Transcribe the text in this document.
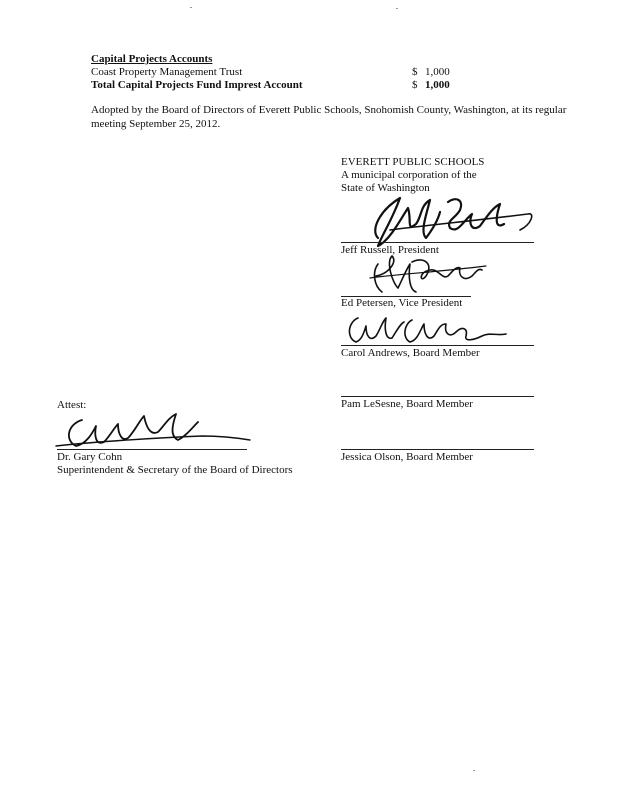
Capital Projects Accounts
Coast Property Management Trust	$ 1,000
Total Capital Projects Fund Imprest Account	$ 1,000
Adopted by the Board of Directors of Everett Public Schools, Snohomish County, Washington, at its regular meeting September 25, 2012.
EVERETT PUBLIC SCHOOLS
A municipal corporation of the
State of Washington
Jeff Russell, President
Ed Petersen, Vice President
Carol Andrews, Board Member
Pam LeSesne, Board Member
Jessica Olson, Board Member
Attest:
Dr. Gary Cohn
Superintendent & Secretary of the Board of Directors
